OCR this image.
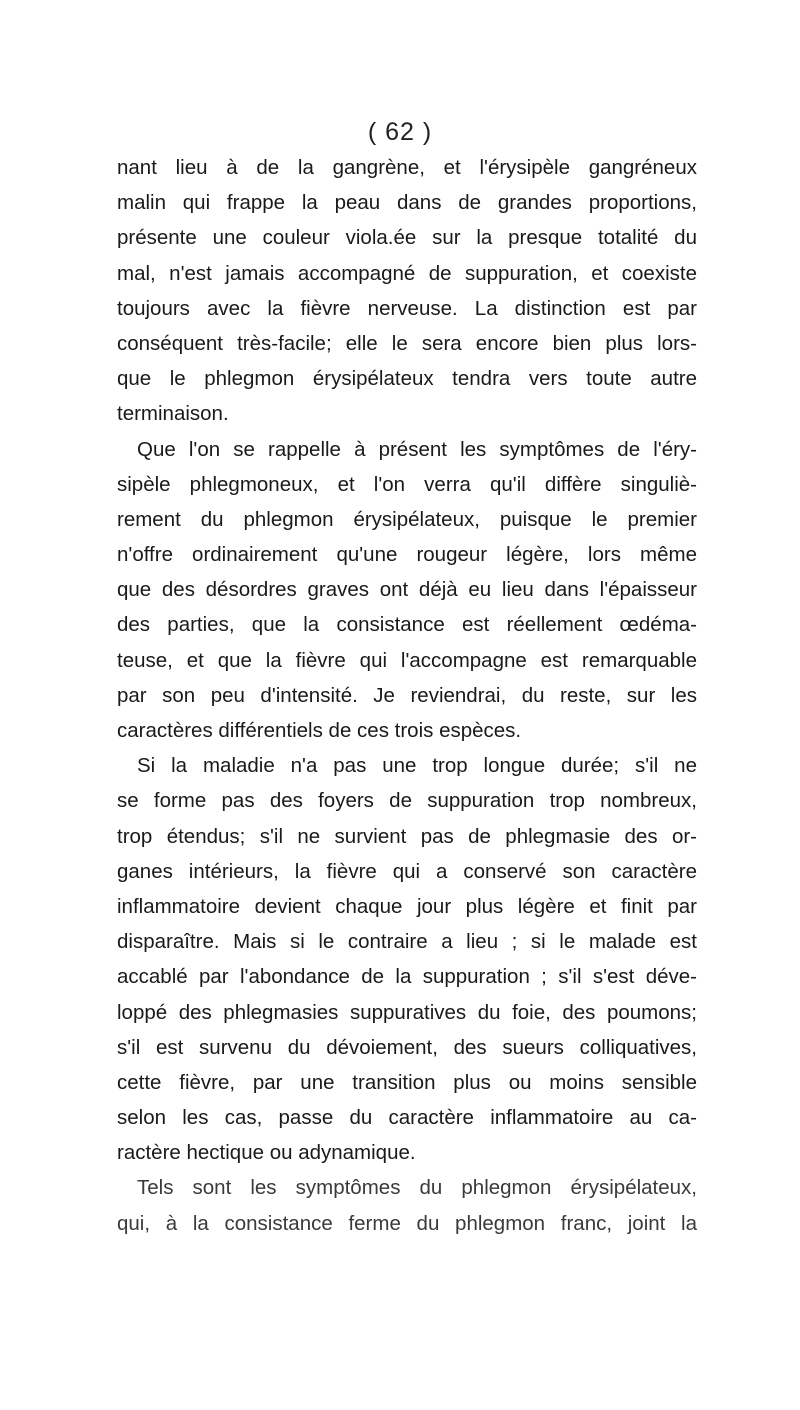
( 62 )
nant lieu à de la gangrène, et l'érysipèle gangréneux
malin qui frappe la peau dans de grandes proportions,
présente une couleur viola.ée sur la presque totalité du
mal, n'est jamais accompagné de suppuration, et coexiste
toujours avec la fièvre nerveuse. La distinction est par
conséquent très-facile; elle le sera encore bien plus lors-
que le phlegmon érysipélateux tendra vers toute autre
terminaison.
Que l'on se rappelle à présent les symptômes de l'éry-
sipèle phlegmoneux, et l'on verra qu'il diffère singuliè-
rement du phlegmon érysipélateux, puisque le premier
n'offre ordinairement qu'une rougeur légère, lors même
que des désordres graves ont déjà eu lieu dans l'épaisseur
des parties, que la consistance est réellement œdéma-
teuse, et que la fièvre qui l'accompagne est remarquable
par son peu d'intensité. Je reviendrai, du reste, sur les
caractères différentiels de ces trois espèces.
Si la maladie n'a pas une trop longue durée; s'il ne
se forme pas des foyers de suppuration trop nombreux,
trop étendus; s'il ne survient pas de phlegmasie des or-
ganes intérieurs, la fièvre qui a conservé son caractère
inflammatoire devient chaque jour plus légère et finit par
disparaître. Mais si le contraire a lieu ; si le malade est
accablé par l'abondance de la suppuration ; s'il s'est déve-
loppé des phlegmasies suppuratives du foie, des poumons;
s'il est survenu du dévoiement, des sueurs colliquatives,
cette fièvre, par une transition plus ou moins sensible
selon les cas, passe du caractère inflammatoire au ca-
ractère hectique ou adynamique.
Tels sont les symptômes du phlegmon érysipélateux,
qui, à la consistance ferme du phlegmon franc, joint la
